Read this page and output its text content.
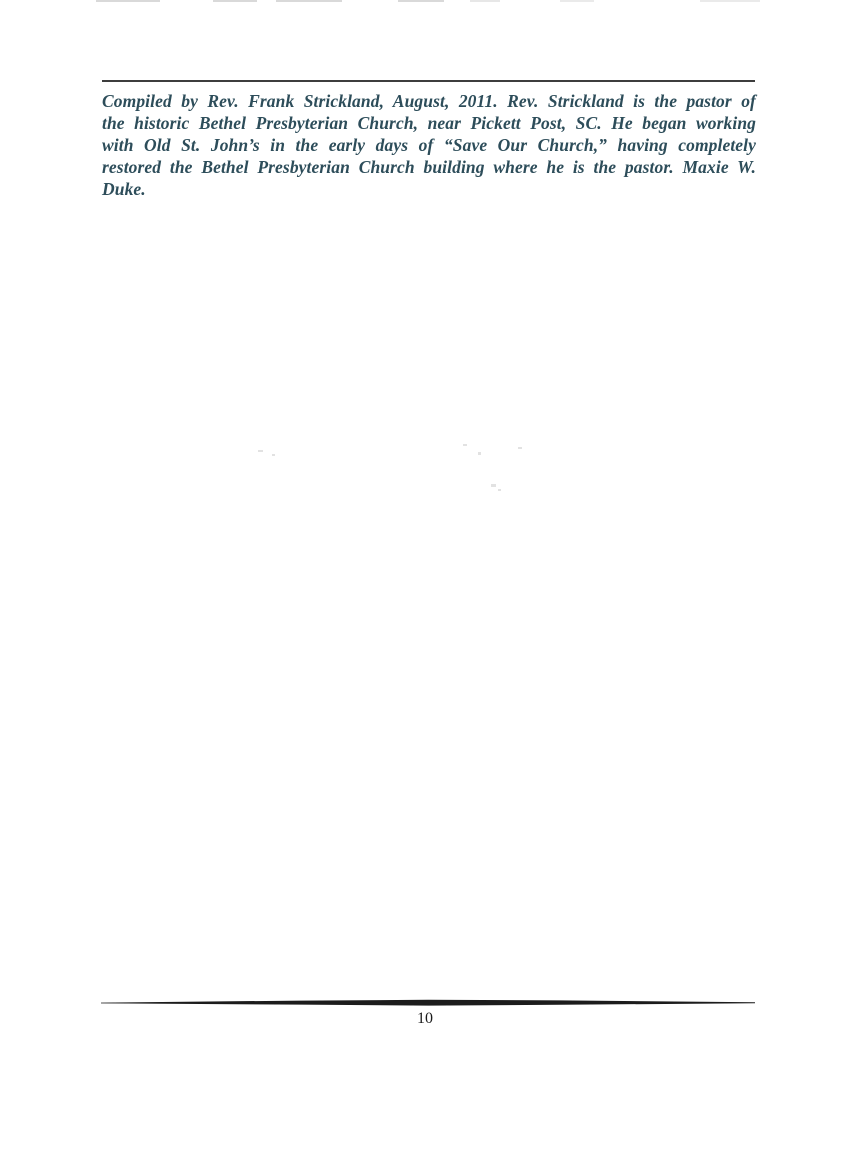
Compiled by Rev. Frank Strickland, August, 2011. Rev. Strickland is the pastor of
the historic Bethel Presbyterian Church, near Pickett Post, SC. He began working
with Old St. John’s in the early days of “Save Our Church,” having completely
restored the Bethel Presbyterian Church building where he is the pastor. Maxie W.
Duke.
10
